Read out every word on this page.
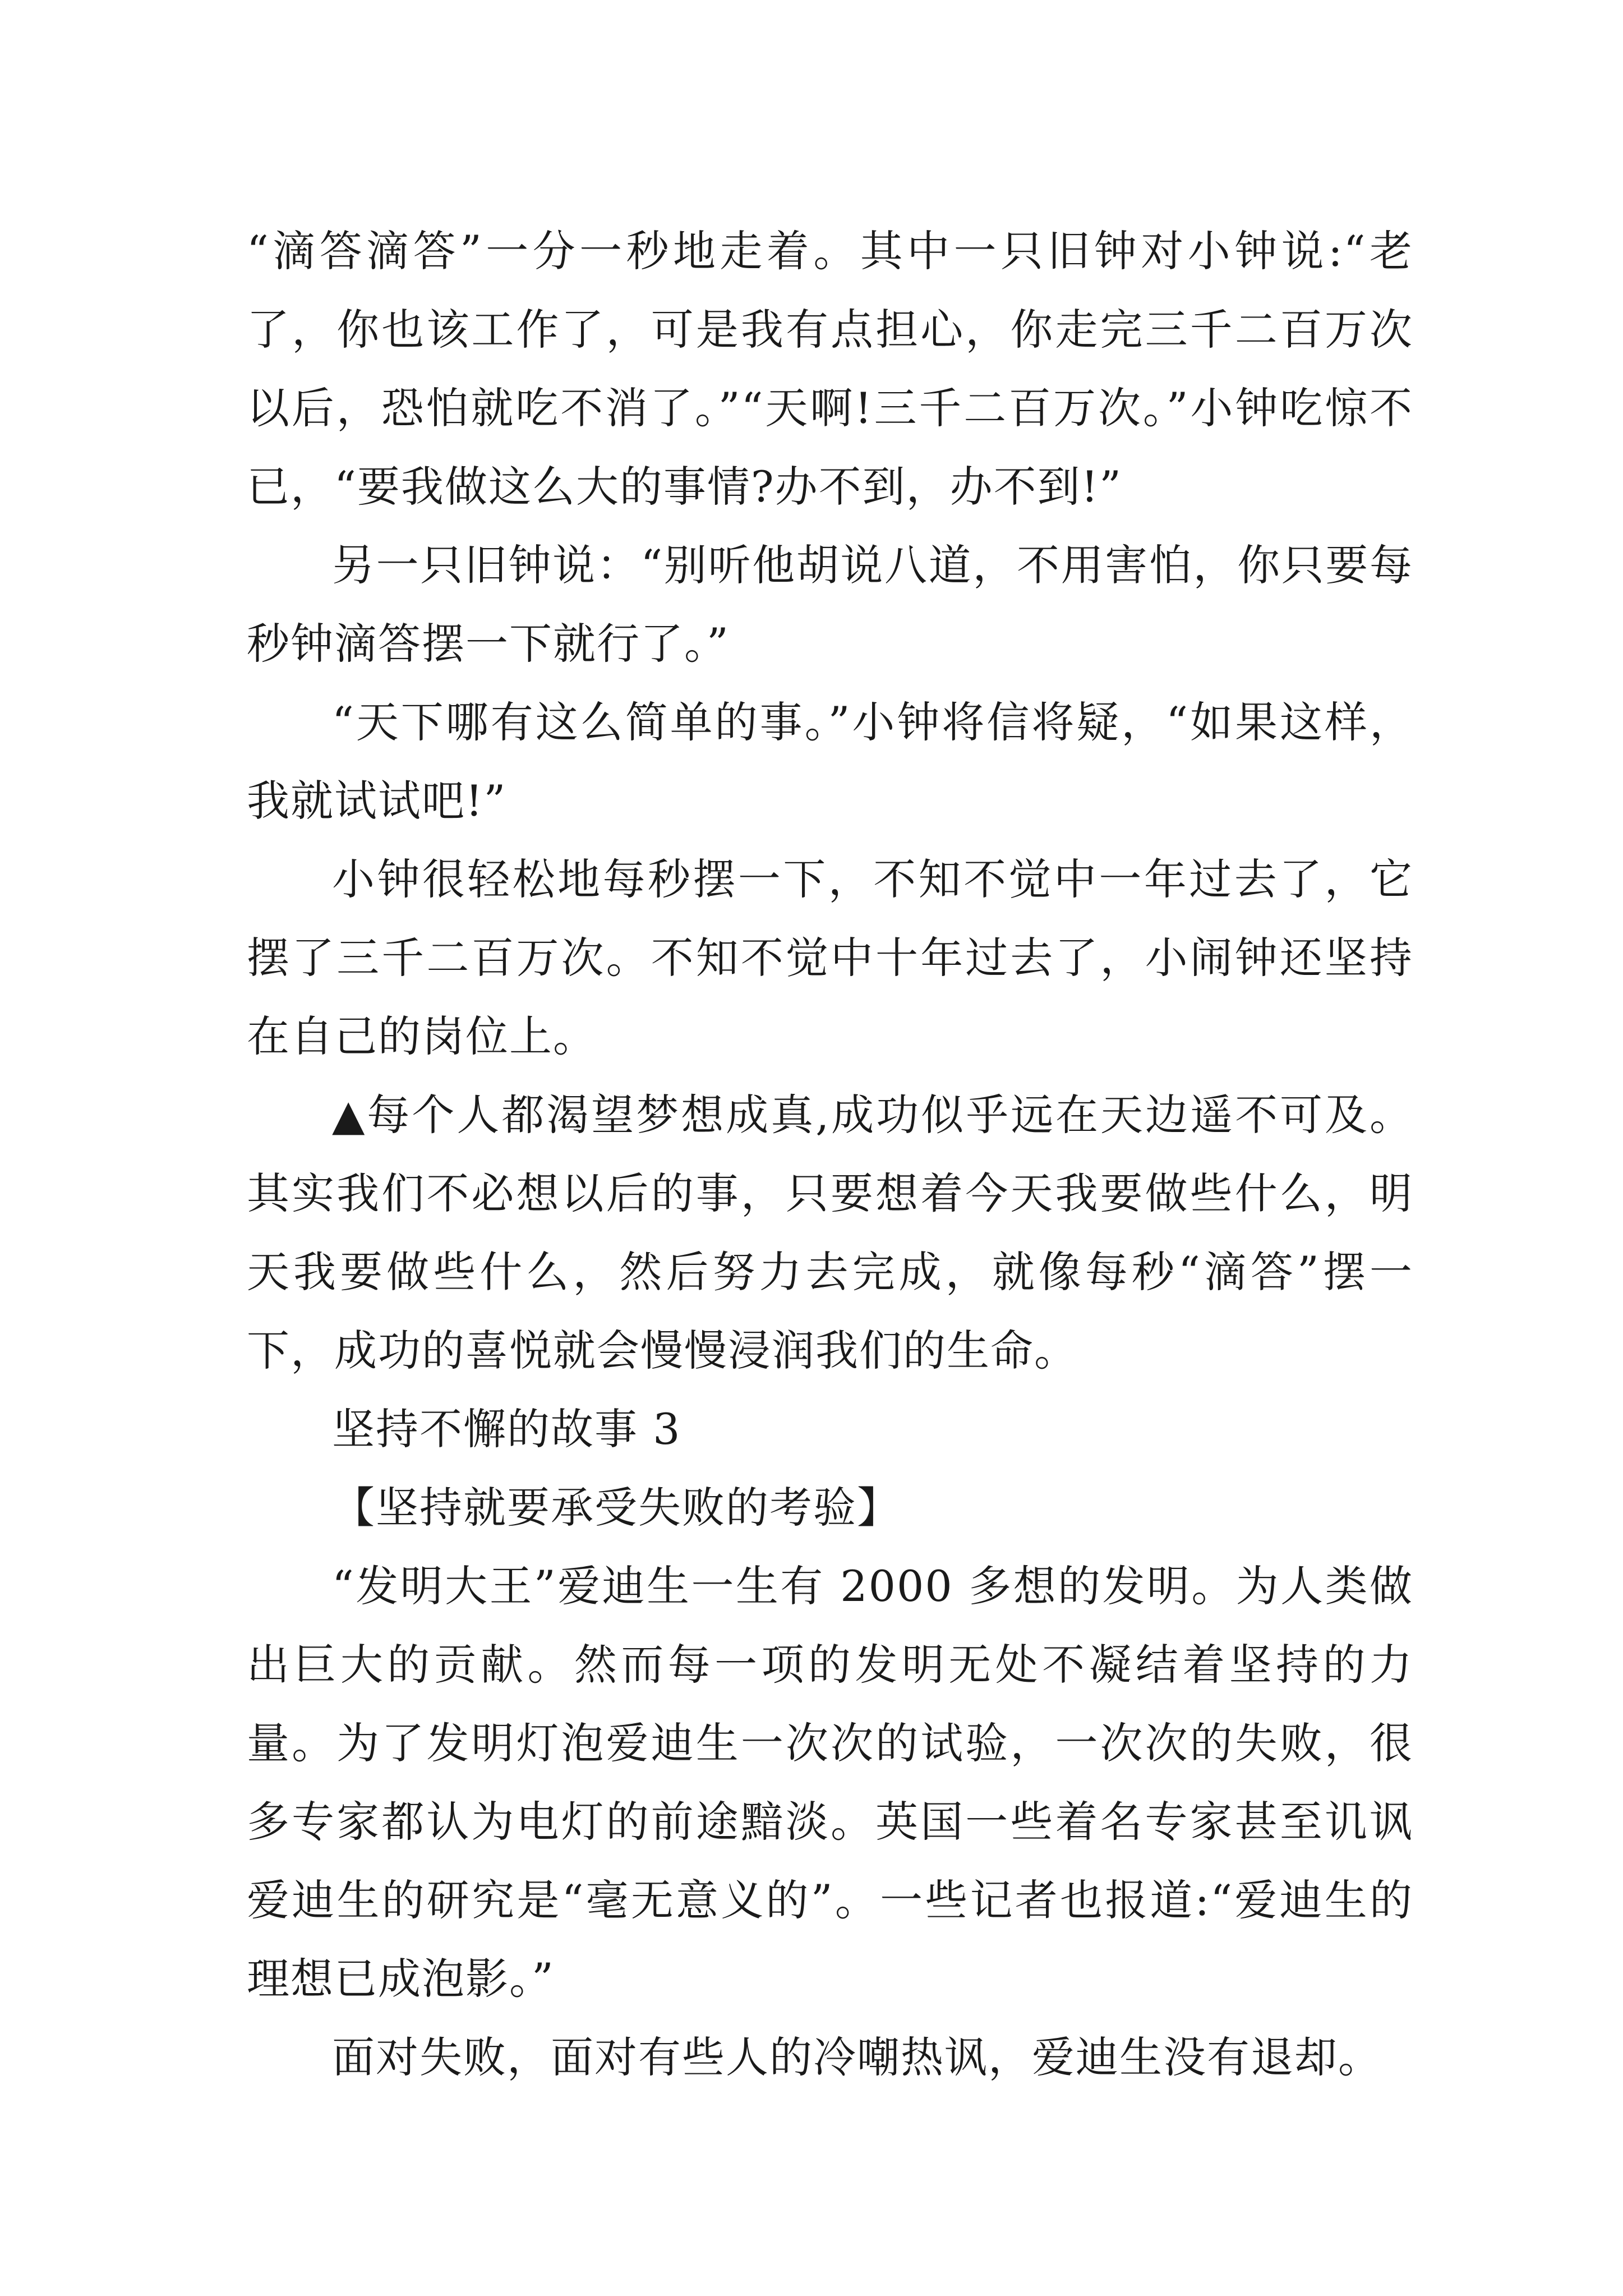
“滴答滴答”一分一秒地走着。其中一只旧钟对小钟说:“老了，你也该工作了，可是我有点担心，你走完三千二百万次以后，恐怕就吃不消了。”“天啊!三千二百万次。”小钟吃惊不已，“要我做这么大的事情?办不到，办不到!”

另一只旧钟说：“别听他胡说八道，不用害怕，你只要每秒钟滴答摆一下就行了。”

“天下哪有这么简单的事。”小钟将信将疑，“如果这样，我就试试吧!”

小钟很轻松地每秒摆一下，不知不觉中一年过去了，它摆了三千二百万次。不知不觉中十年过去了，小闹钟还坚持在自己的岗位上。

▲每个人都渴望梦想成真,成功似乎远在天边遥不可及。其实我们不必想以后的事，只要想着今天我要做些什么，明天我要做些什么，然后努力去完成，就像每秒“滴答”摆一下，成功的喜悦就会慢慢浸润我们的生命。

坚持不懈的故事 3

【坚持就要承受失败的考验】

“发明大王”爱迪生一生有 2000 多想的发明。为人类做出巨大的贡献。然而每一项的发明无处不凝结着坚持的力量。为了发明灯泡爱迪生一次次的试验，一次次的失败，很多专家都认为电灯的前途黯淡。英国一些着名专家甚至讥讽爱迪生的研究是“毫无意义的”。一些记者也报道:“爱迪生的理想已成泡影。”

面对失败，面对有些人的冷嘲热讽，爱迪生没有退却。
